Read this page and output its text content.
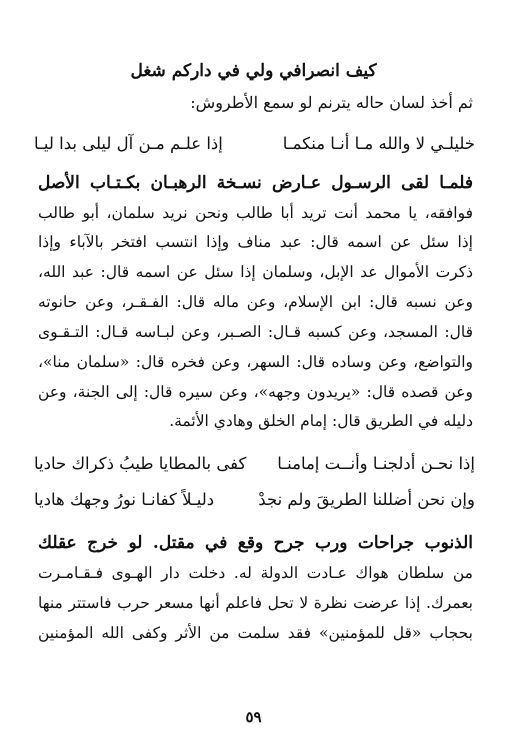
كيف انصرافي ولي في داركم شغل
ثم أخذ لسان حاله يترنم لو سمع الأطروش:
خليلـي لا والله مـا أنـا منكمـا
إذا علـم مـن آل ليلى بدا ليـا
فلمـا لقى الرسـول عـارض نسـخة الرهبـان بكـتـاب الأصل
فوافقه، يا محمد أنت تريد أبا طالب ونحن نريد سلمان، أبو طالب
إذا سئل عن اسمه قال: عبد مناف وإذا انتسب افتخر بالآباء وإذا
ذكرت الأموال عد الإبل، وسلمان إذا سئل عن اسمه قال: عبد الله،
وعن نسبه قال: ابن الإسلام، وعن ماله قال: الفـقـر، وعن حانوته
قال: المسجد، وعن كسبه قـال: الصـبر، وعن لبـاسه قـال: التـقـوى
والتواضع، وعن وساده قال: السهر، وعن فخره قال: «سلمان منا»،
وعن قصده قال: «يريدون وجهه»، وعن سيره قال: إلى الجنة، وعن
دليله في الطريق قال: إمام الخلق وهادي الأئمة.
إذا نحـن أدلجنـا وأنــت إمامنـا
كفى بالمطايا طيبُ ذكراك حاديا
وإن نحن أضللنا الطريقَ ولم نجدْ
دليـلاً كفانـا نورُ وجهك هاديا
الذنوب جراحات ورب جرح وقع في مقتل. لو خرج عقلك
من سلطان هواك عـادت الدولة له. دخلت دار الهـوى فـقـامـرت
بعمرك. إذا عرضت نظرة لا تحل فاعلم أنها مسعر حرب فاستتر منها
بحجاب «قل للمؤمنين» فقد سلمت من الأثر وكفى الله المؤمنين
٥٩
